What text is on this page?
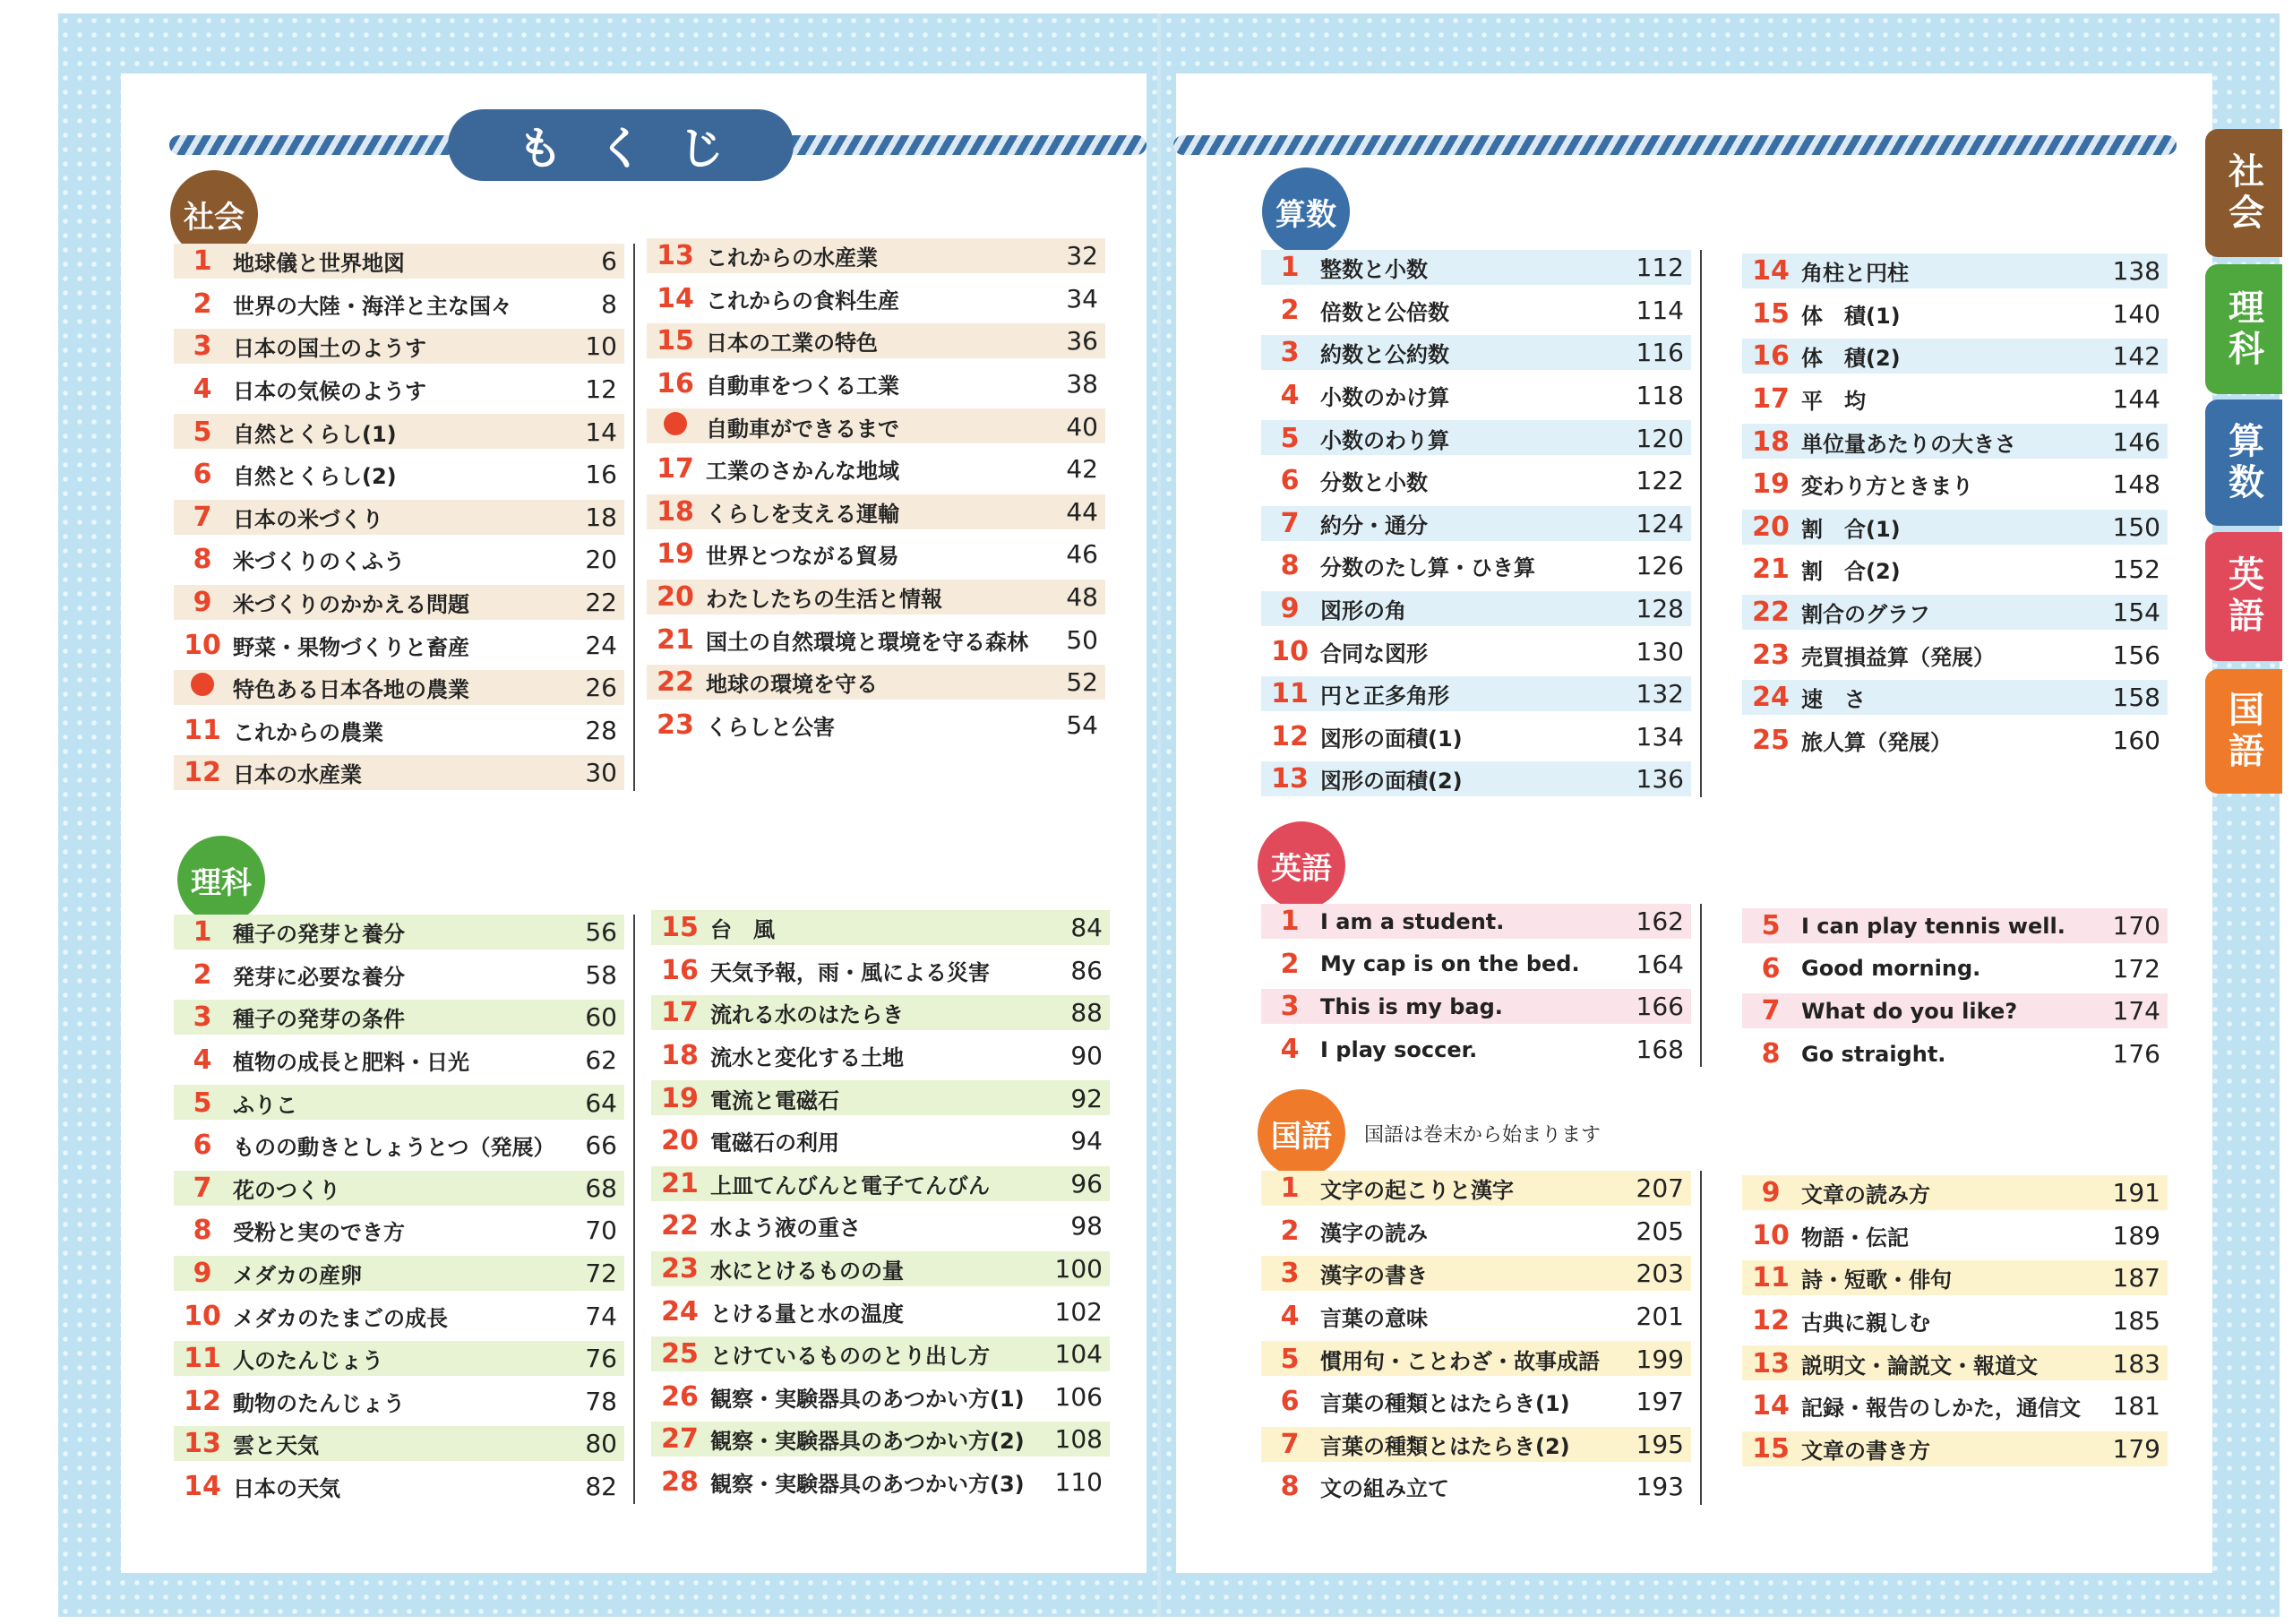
もくじ
国語は巻末から始まります
社会
1 地球儀と世界地図	6
2 世界の大陸・海洋と主な国々	8
3 日本の国土のようす	10
4 日本の気候のようす	12
5 自然とくらし(1)	14
6 自然とくらし(2)	16
7 日本の米づくり	18
8 米づくりのくふう	20
9 米づくりのかかえる問題	22
10 野菜・果物づくりと畜産	24
特色ある日本各地の農業	26
11 これからの農業	28
12 日本の水産業	30
13 これからの水産業	32
14 これからの食料生産	34
15 日本の工業の特色	36
16 自動車をつくる工業	38
自動車ができるまで	40
17 工業のさかんな地域	42
18 くらしを支える運輸	44
19 世界とつながる貿易	46
20 わたしたちの生活と情報	48
21 国土の自然環境と環境を守る森林	50
22 地球の環境を守る	52
23 くらしと公害	54
理科
1 種子の発芽と養分	56
2 発芽に必要な養分	58
3 種子の発芽の条件	60
4 植物の成長と肥料・日光	62
5 ふりこ	64
6 ものの動きとしょうとつ（発展）	66
7 花のつくり	68
8 受粉と実のでき方	70
9 メダカの産卵	72
10 メダカのたまごの成長	74
11 人のたんじょう	76
12 動物のたんじょう	78
13 雲と天気	80
14 日本の天気	82
15 台　風	84
16 天気予報，雨・風による災害	86
17 流れる水のはたらき	88
18 流水と変化する土地	90
19 電流と電磁石	92
20 電磁石の利用	94
21 上皿てんびんと電子てんびん	96
22 水よう液の重さ	98
23 水にとけるものの量	100
24 とける量と水の温度	102
25 とけているもののとり出し方	104
26 観察・実験器具のあつかい方(1)	106
27 観察・実験器具のあつかい方(2)	108
28 観察・実験器具のあつかい方(3)	110
算数
1 整数と小数	112
2 倍数と公倍数	114
3 約数と公約数	116
4 小数のかけ算	118
5 小数のわり算	120
6 分数と小数	122
7 約分・通分	124
8 分数のたし算・ひき算	126
9 図形の角	128
10 合同な図形	130
11 円と正多角形	132
12 図形の面積(1)	134
13 図形の面積(2)	136
14 角柱と円柱	138
15 体　積(1)	140
16 体　積(2)	142
17 平　均	144
18 単位量あたりの大きさ	146
19 変わり方ときまり	148
20 割　合(1)	150
21 割　合(2)	152
22 割合のグラフ	154
23 売買損益算（発展）	156
24 速　さ	158
25 旅人算（発展）	160
英語
1 I am a student.	162
2 My cap is on the bed.	164
3 This is my bag.	166
4 I play soccer.	168
5 I can play tennis well.	170
6 Good morning.	172
7 What do you like?	174
8 Go straight.	176
国語
1 文字の起こりと漢字	207
2 漢字の読み	205
3 漢字の書き	203
4 言葉の意味	201
5 慣用句・ことわざ・故事成語	199
6 言葉の種類とはたらき(1)	197
7 言葉の種類とはたらき(2)	195
8 文の組み立て	193
9 文章の読み方	191
10 物語・伝記	189
11 詩・短歌・俳句	187
12 古典に親しむ	185
13 説明文・論説文・報道文	183
14 記録・報告のしかた，通信文	181
15 文章の書き方	179
社会
理科
算数
英語
国語
